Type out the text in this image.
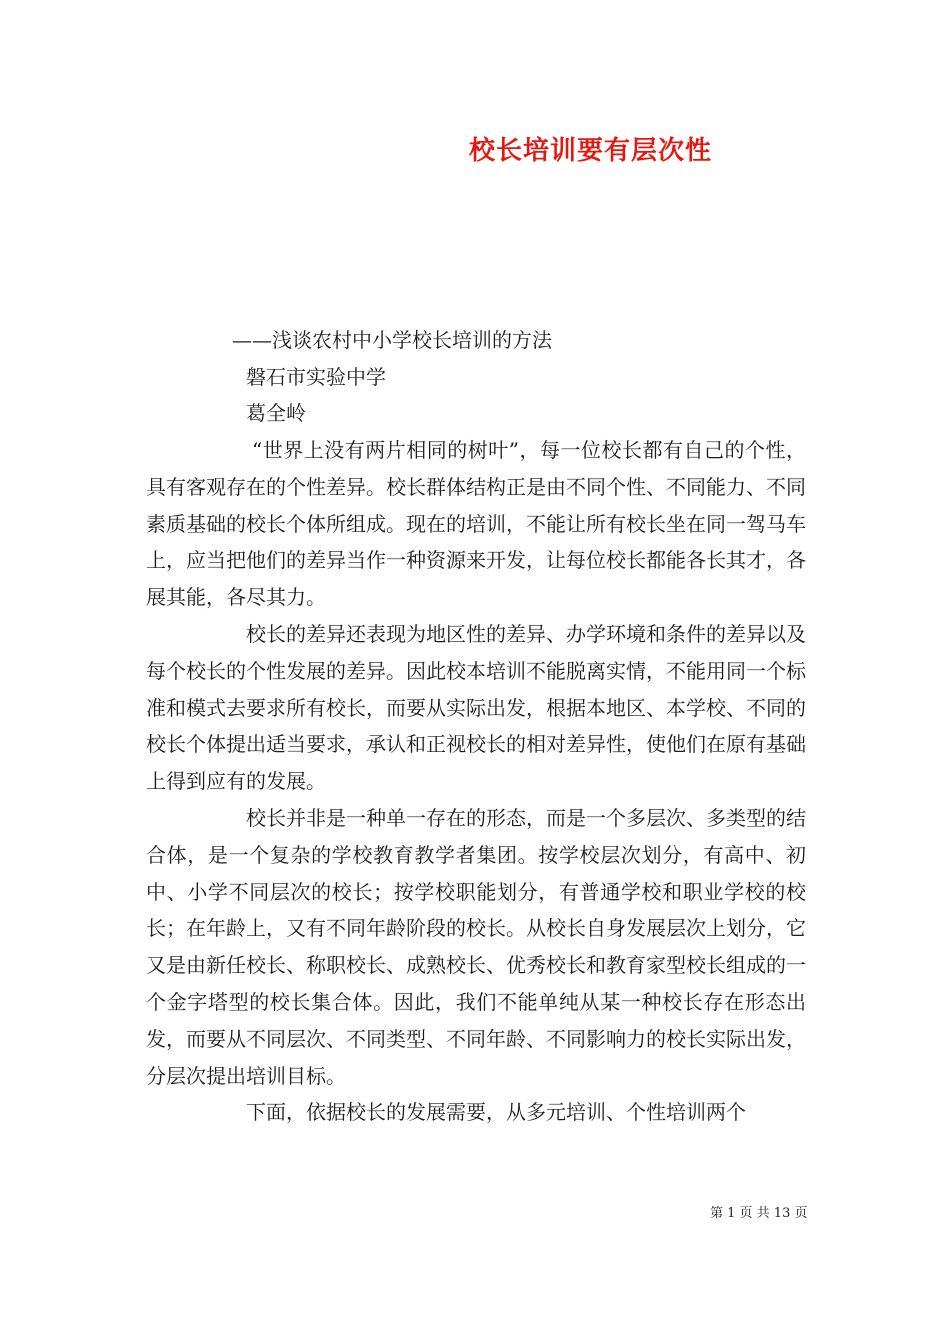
校长培训要有层次性
——浅谈农村中小学校长培训的方法
磐石市实验中学
葛全岭

“世界上没有两片相同的树叶”，每一位校长都有自己的个性，具有客观存在的个性差异。校长群体结构正是由不同个性、不同能力、不同素质基础的校长个体所组成。现在的培训，不能让所有校长坐在同一驾马车上，应当把他们的差异当作一种资源来开发，让每位校长都能各长其才，各展其能，各尽其力。

校长的差异还表现为地区性的差异、办学环境和条件的差异以及每个校长的个性发展的差异。因此校本培训不能脱离实情，不能用同一个标准和模式去要求所有校长，而要从实际出发，根据本地区、本学校、不同的校长个体提出适当要求，承认和正视校长的相对差异性，使他们在原有基础上得到应有的发展。

校长并非是一种单一存在的形态，而是一个多层次、多类型的结合体，是一个复杂的学校教育教学者集团。按学校层次划分，有高中、初中、小学不同层次的校长；按学校职能划分，有普通学校和职业学校的校长；在年龄上，又有不同年龄阶段的校长。从校长自身发展层次上划分，它又是由新任校长、称职校长、成熟校长、优秀校长和教育家型校长组成的一个金字塔型的校长集合体。因此，我们不能单纯从某一种校长存在形态出发，而要从不同层次、不同类型、不同年龄、不同影响力的校长实际出发，分层次提出培训目标。

下面，依据校长的发展需要，从多元培训、个性培训两个

第 1 页 共 13 页
